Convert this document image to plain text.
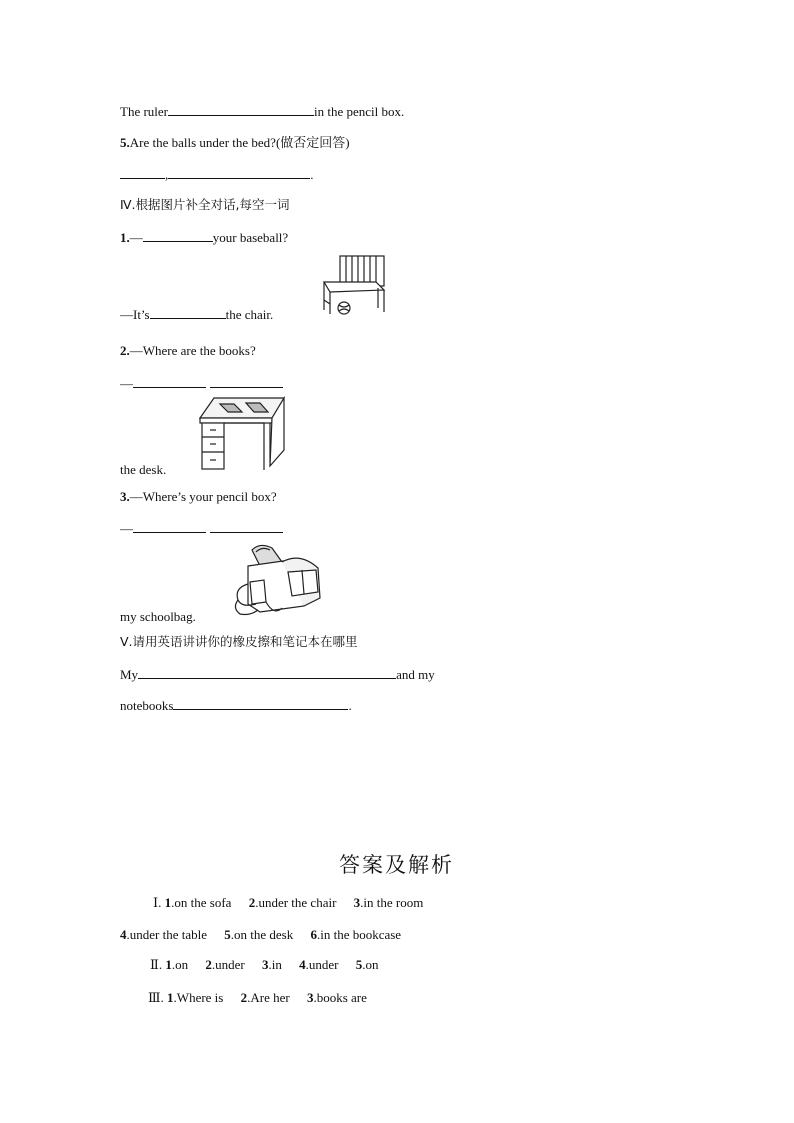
The ruler	in the pencil box.
5.Are the balls under the bed?(做否定回答)
,	.
Ⅳ.根据图片补全对话,每空一词
1.—	your baseball?
—It’s	the chair.
2.—Where are the books?
—
the desk.
3.—Where’s your pencil box?
—
my schoolbag.
Ⅴ.请用英语讲讲你的橡皮擦和笔记本在哪里
My	and my
notebooks	.
答案及解析
Ⅰ. 1.on the sofa 2.under the chair 3.in the room
4.under the table 5.on the desk 6.in the bookcase
Ⅱ. 1.on 2.under 3.in 4.under 5.on
Ⅲ. 1.Where is 2.Are her 3.books are
